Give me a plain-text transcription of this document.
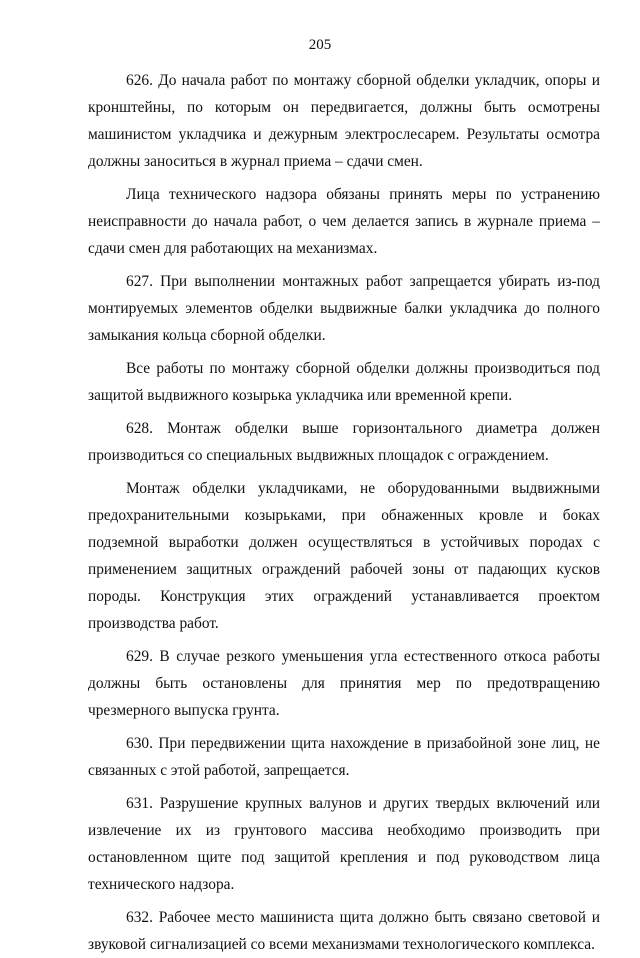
205

626. До начала работ по монтажу сборной обделки укладчик, опоры и кронштейны, по которым он передвигается, должны быть осмотрены машинистом укладчика и дежурным электрослесарем. Результаты осмотра должны заноситься в журнал приема – сдачи смен.

Лица технического надзора обязаны принять меры по устранению неисправности до начала работ, о чем делается запись в журнале приема – сдачи смен для работающих на механизмах.

627. При выполнении монтажных работ запрещается убирать из-под монтируемых элементов обделки выдвижные балки укладчика до полного замыкания кольца сборной обделки.

Все работы по монтажу сборной обделки должны производиться под защитой выдвижного козырька укладчика или временной крепи.

628. Монтаж обделки выше горизонтального диаметра должен производиться со специальных выдвижных площадок с ограждением.

Монтаж обделки укладчиками, не оборудованными выдвижными предохранительными козырьками, при обнаженных кровле и боках подземной выработки должен осуществляться в устойчивых породах с применением защитных ограждений рабочей зоны от падающих кусков породы. Конструкция этих ограждений устанавливается проектом производства работ.

629. В случае резкого уменьшения угла естественного откоса работы должны быть остановлены для принятия мер по предотвращению чрезмерного выпуска грунта.

630. При передвижении щита нахождение в призабойной зоне лиц, не связанных с этой работой, запрещается.

631. Разрушение крупных валунов и других твердых включений или извлечение их из грунтового массива необходимо производить при остановленном щите под защитой крепления и под руководством лица технического надзора.

632. Рабочее место машиниста щита должно быть связано световой и звуковой сигнализацией со всеми механизмами технологического комплекса.
